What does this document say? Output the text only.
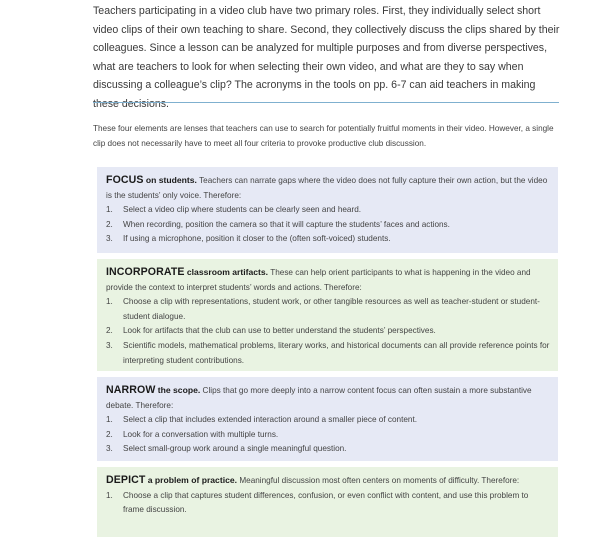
Teachers participating in a video club have two primary roles. First, they individually select short video clips of their own teaching to share. Second, they collectively discuss the clips shared by their colleagues. Since a lesson can be analyzed for multiple purposes and from diverse perspectives, what are teachers to look for when selecting their own video, and what are they to say when discussing a colleague’s clip? The acronyms in the tools on pp. 6-7 can aid teachers in making these decisions.

These four elements are lenses that teachers can use to search for potentially fruitful moments in their video. However, a single clip does not necessarily have to meet all four criteria to provoke productive club discussion.

FOCUS on students. Teachers can narrate gaps where the video does not fully capture their own action, but the video is the students’ only voice. Therefore:
1. Select a video clip where students can be clearly seen and heard.
2. When recording, position the camera so that it will capture the students’ faces and actions.
3. If using a microphone, position it closer to the (often soft-voiced) students.
INCORPORATE classroom artifacts. These can help orient participants to what is happening in the video and provide the context to interpret students’ words and actions. Therefore:
1. Choose a clip with representations, student work, or other tangible resources as well as teacher-student or student-student dialogue.
2. Look for artifacts that the club can use to better understand the students’ perspectives.
3. Scientific models, mathematical problems, literary works, and historical documents can all provide reference points for interpreting student contributions.
NARROW the scope. Clips that go more deeply into a narrow content focus can often sustain a more substantive debate. Therefore:
1. Select a clip that includes extended interaction around a smaller piece of content.
2. Look for a conversation with multiple turns.
3. Select small-group work around a single meaningful question.
DEPICT a problem of practice. Meaningful discussion most often centers on moments of difficulty. Therefore:
1. Choose a clip that captures student differences, confusion, or even conflict with content, and use this problem to frame discussion.
